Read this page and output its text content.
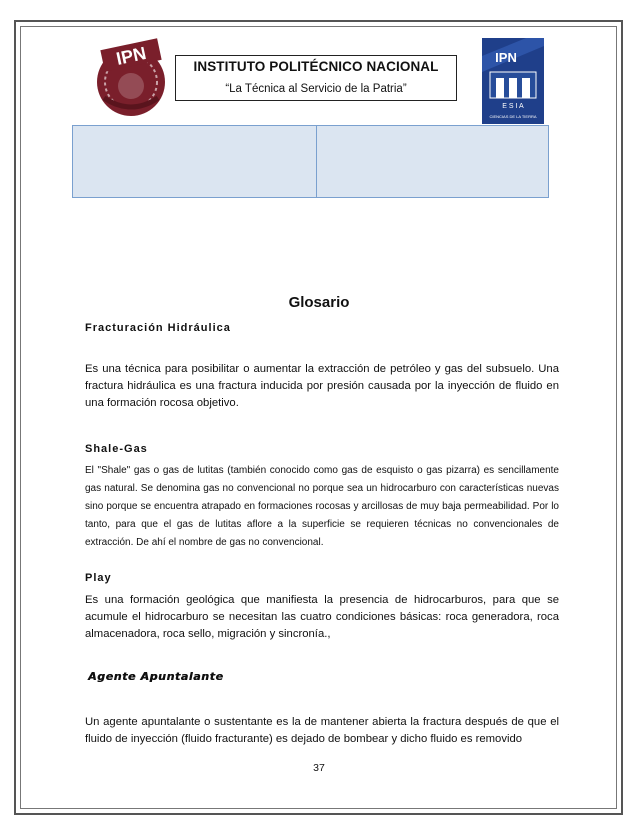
IPN	IPN
E S I A
CIENCIAS DE LA TIERRA
INSTITUTO POLITÉCNICO NACIONAL
“La Técnica al Servicio de la Patria”
Glosario
Fracturación Hidráulica
Es una técnica para posibilitar o aumentar la extracción de petróleo y gas del subsuelo. Una fractura hidráulica es una fractura inducida por presión causada por la inyección de fluido en una formación rocosa objetivo.
Shale-Gas
El "Shale" gas o gas de lutitas (también conocido como gas de esquisto o gas pizarra) es sencillamente gas natural. Se denomina gas no convencional no porque sea un hidrocarburo con características nuevas sino porque se encuentra atrapado en formaciones rocosas y arcillosas de muy baja permeabilidad. Por lo tanto, para que el gas de lutitas aflore a la superficie se requieren técnicas no convencionales de extracción. De ahí el nombre de gas no convencional.
Play
Es una formación geológica que manifiesta la presencia de hidrocarburos, para que se acumule el hidrocarburo se necesitan las cuatro condiciones básicas: roca generadora, roca almacenadora, roca sello, migración y sincronía.,
Agente Apuntalante
Un agente apuntalante o sustentante es la de mantener abierta la fractura después de que el fluido de inyección (fluido fracturante) es dejado de bombear y dicho fluido es removido
37
